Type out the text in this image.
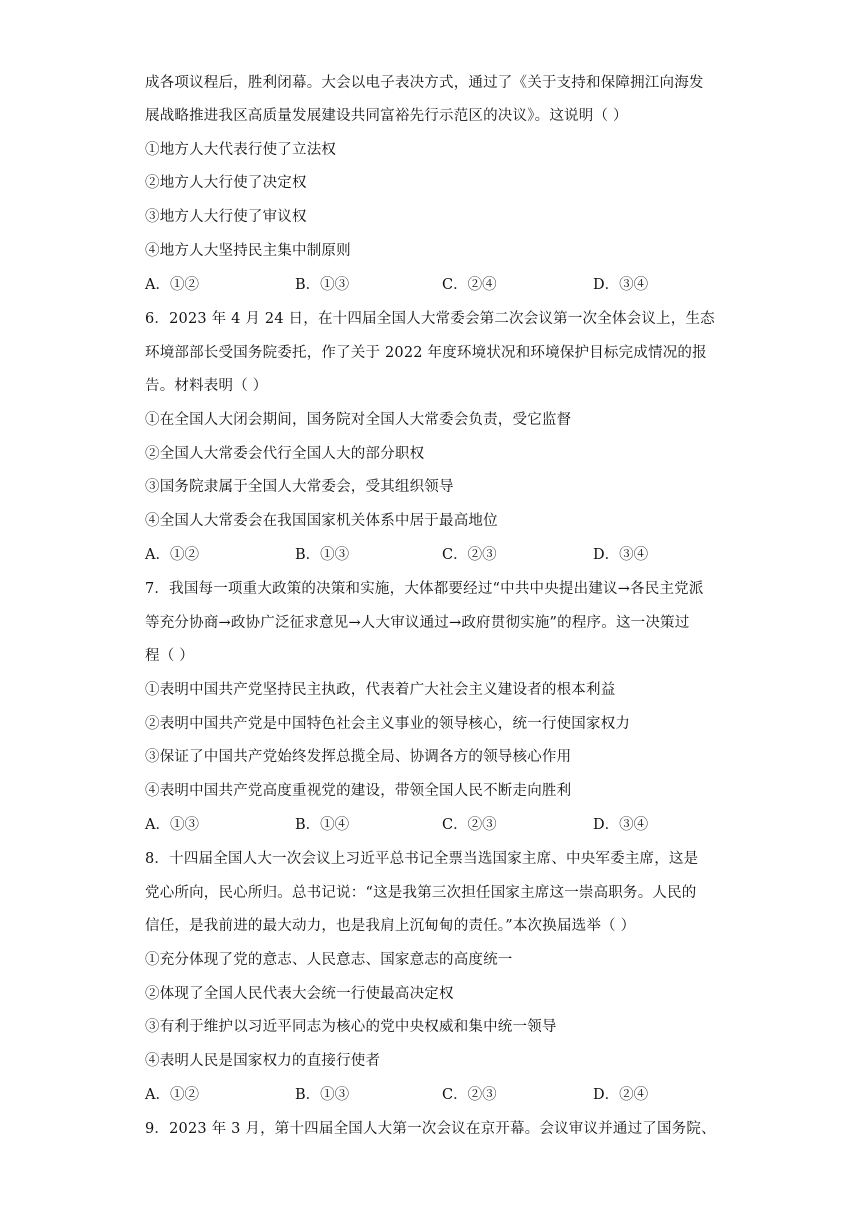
成各项议程后，胜利闭幕。大会以电子表决方式，通过了《关于支持和保障拥江向海发
展战略推进我区高质量发展建设共同富裕先行示范区的决议》。这说明（ ）
①地方人大代表行使了立法权
②地方人大行使了决定权
③地方人大行使了审议权
④地方人大坚持民主集中制原则
A．①②	B．①③	C．②④	D．③④
6．2023 年 4 月 24 日，在十四届全国人大常委会第二次会议第一次全体会议上，生态
环境部部长受国务院委托，作了关于 2022 年度环境状况和环境保护目标完成情况的报
告。材料表明（ ）
①在全国人大闭会期间，国务院对全国人大常委会负责，受它监督
②全国人大常委会代行全国人大的部分职权
③国务院隶属于全国人大常委会，受其组织领导
④全国人大常委会在我国国家机关体系中居于最高地位
A．①②	B．①③	C．②③	D．③④
7．我国每一项重大政策的决策和实施，大体都要经过“中共中央提出建议→各民主党派
等充分协商→政协广泛征求意见→人大审议通过→政府贯彻实施”的程序。这一决策过
程（ ）
①表明中国共产党坚持民主执政，代表着广大社会主义建设者的根本利益
②表明中国共产党是中国特色社会主义事业的领导核心，统一行使国家权力
③保证了中国共产党始终发挥总揽全局、协调各方的领导核心作用
④表明中国共产党高度重视党的建设，带领全国人民不断走向胜利
A．①③	B．①④	C．②③	D．③④
8．十四届全国人大一次会议上习近平总书记全票当选国家主席、中央军委主席，这是
党心所向，民心所归。总书记说：“这是我第三次担任国家主席这一崇高职务。人民的
信任，是我前进的最大动力，也是我肩上沉甸甸的责任。”本次换届选举（ ）
①充分体现了党的意志、人民意志、国家意志的高度统一
②体现了全国人民代表大会统一行使最高决定权
③有利于维护以习近平同志为核心的党中央权威和集中统一领导
④表明人民是国家权力的直接行使者
A．①②	B．①③	C．②③	D．②④
9．2023 年 3 月，第十四届全国人大第一次会议在京开幕。会议审议并通过了国务院、
